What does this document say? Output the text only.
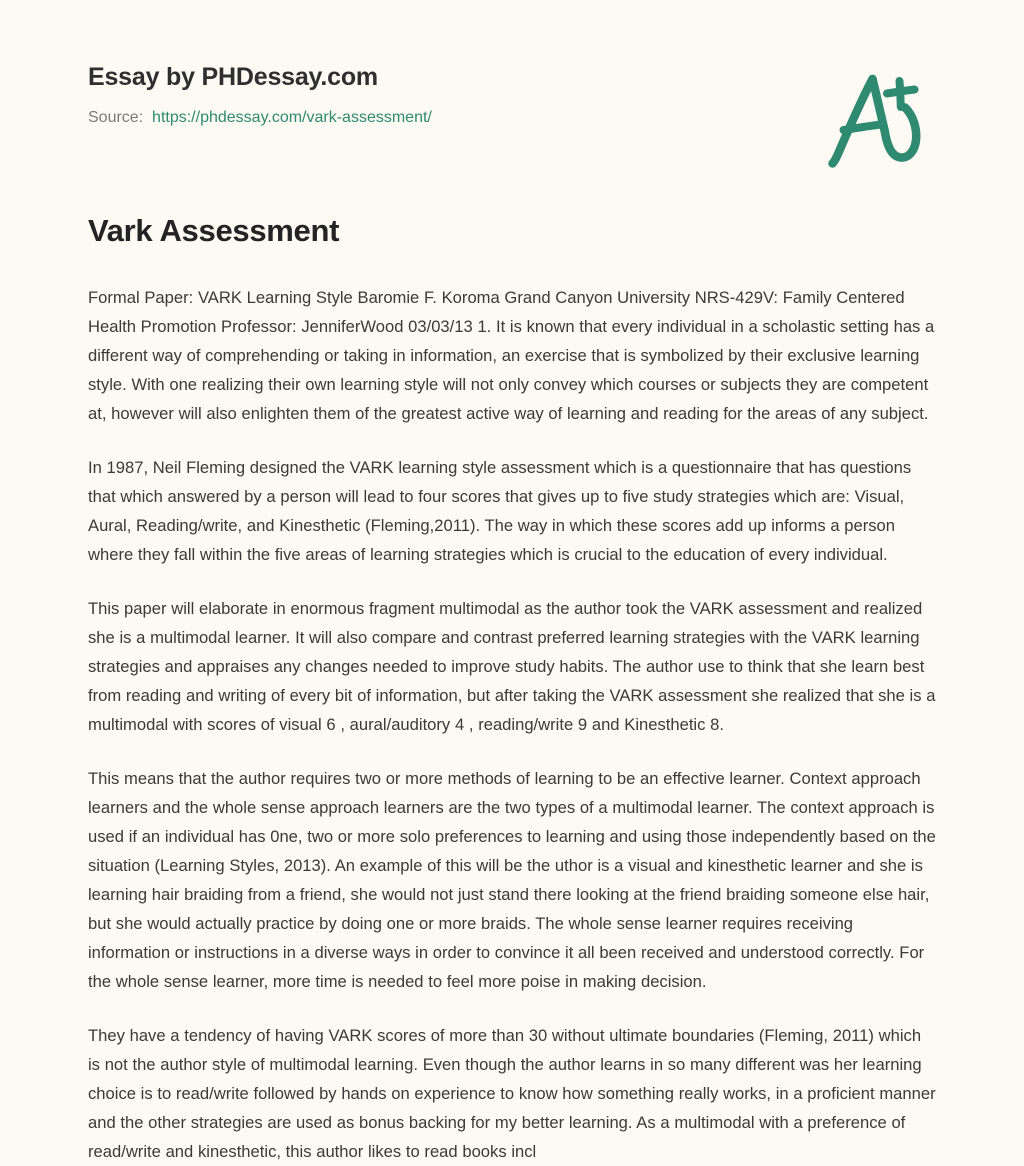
Essay by PHDessay.com
Source: https://phdessay.com/vark-assessment/
Vark Assessment

Formal Paper: VARK Learning Style Baromie F. Koroma Grand Canyon University NRS-429V: Family Centered Health Promotion Professor: JenniferWood 03/03/13 1. It is known that every individual in a scholastic setting has a different way of comprehending or taking in information, an exercise that is symbolized by their exclusive learning style. With one realizing their own learning style will not only convey which courses or subjects they are competent at, however will also enlighten them of the greatest active way of learning and reading for the areas of any subject.

In 1987, Neil Fleming designed the VARK learning style assessment which is a questionnaire that has questions that which answered by a person will lead to four scores that gives up to five study strategies which are: Visual, Aural, Reading/write, and Kinesthetic (Fleming,2011). The way in which these scores add up informs a person where they fall within the five areas of learning strategies which is crucial to the education of every individual.

This paper will elaborate in enormous fragment multimodal as the author took the VARK assessment and realized she is a multimodal learner. It will also compare and contrast preferred learning strategies with the VARK learning strategies and appraises any changes needed to improve study habits. The author use to think that she learn best from reading and writing of every bit of information, but after taking the VARK assessment she realized that she is a multimodal with scores of visual 6 , aural/auditory 4 , reading/write 9 and Kinesthetic 8.

This means that the author requires two or more methods of learning to be an effective learner. Context approach learners and the whole sense approach learners are the two types of a multimodal learner. The context approach is used if an individual has 0ne, two or more solo preferences to learning and using those independently based on the situation (Learning Styles, 2013). An example of this will be the uthor is a visual and kinesthetic learner and she is learning hair braiding from a friend, she would not just stand there looking at the friend braiding someone else hair, but she would actually practice by doing one or more braids. The whole sense learner requires receiving information or instructions in a diverse ways in order to convince it all been received and understood correctly. For the whole sense learner, more time is needed to feel more poise in making decision.

They have a tendency of having VARK scores of more than 30 without ultimate boundaries (Fleming, 2011) which is not the author style of multimodal learning. Even though the author learns in so many different was her learning choice is to read/write followed by hands on experience to know how something really works, in a proficient manner and the other strategies are used as bonus backing for my better learning. As a multimodal with a preference of read/write and kinesthetic, this author likes to read books incl
